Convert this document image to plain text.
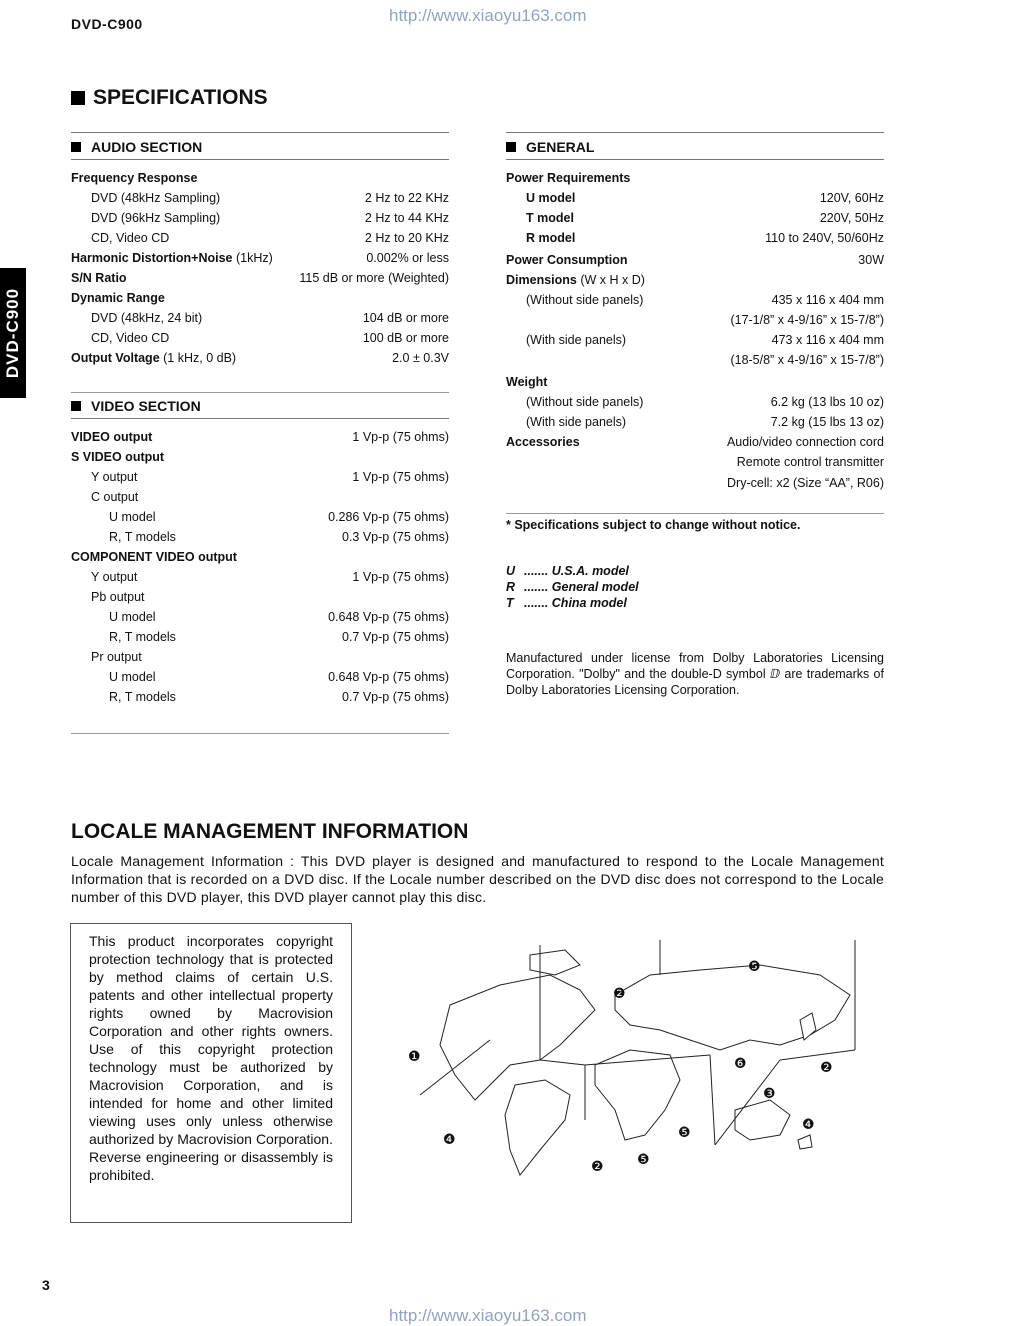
http://www.xiaoyu163.com
DVD-C900
DVD-C900
SPECIFICATIONS
AUDIO SECTION
Frequency Response
DVD (48kHz Sampling)	2 Hz to 22 KHz
DVD (96kHz Sampling)	2 Hz to 44 KHz
CD, Video CD	2 Hz to 20 KHz
Harmonic Distortion+Noise (1kHz)	0.002% or less
S/N Ratio	115 dB or more (Weighted)
Dynamic Range
DVD (48kHz, 24 bit)	104 dB or more
CD, Video CD	100 dB or more
Output Voltage (1 kHz, 0 dB)	2.0 ± 0.3V
VIDEO SECTION
VIDEO output	1 Vp-p (75 ohms)
S VIDEO output
Y output	1 Vp-p (75 ohms)
C output
U model	0.286 Vp-p (75 ohms)
R, T models	0.3 Vp-p (75 ohms)
COMPONENT VIDEO output
Y output	1 Vp-p (75 ohms)
Pb output
U model	0.648 Vp-p (75 ohms)
R, T models	0.7 Vp-p (75 ohms)
Pr output
U model	0.648 Vp-p (75 ohms)
R, T models	0.7 Vp-p (75 ohms)
GENERAL
Power Requirements
U model	120V, 60Hz
T model	220V, 50Hz
R model	110 to 240V, 50/60Hz
Power Consumption	30W
Dimensions (W x H x D)
(Without side panels)	435 x 116 x 404 mm
(17-1/8” x 4-9/16” x 15-7/8”)
(With side panels)	473 x 116 x 404 mm
(18-5/8” x 4-9/16” x 15-7/8”)
Weight
(Without side panels)	6.2 kg (13 lbs 10 oz)
(With side panels)	7.2 kg (15 lbs 13 oz)
Accessories	Audio/video connection cord
Remote control transmitter
Dry-cell: x2 (Size “AA”, R06)
* Specifications subject to change without notice.
U ....... U.S.A. model
R ....... General model
T ....... China model
Manufactured under license from Dolby Laboratories Licensing Corporation. "Dolby" and the double-D symbol ⅅ are trademarks of Dolby Laboratories Licensing Corporation.
LOCALE MANAGEMENT INFORMATION
Locale Management Information : This DVD player is designed and manufactured to respond to the Locale Management Information that is recorded on a DVD disc. If the Locale number described on the DVD disc does not correspond to the Locale number of this DVD player, this DVD player cannot play this disc.
This product incorporates copyright protection technology that is protected by method claims of certain U.S. patents and other intellectual property rights owned by Macrovision Corporation and other rights owners. Use of this copyright protection technology must be authorized by Macrovision Corporation, and is intended for home and other limited viewing uses only unless otherwise authorized by Macrovision Corporation. Reverse engineering or disassembly is prohibited.
❶
❷
❷
❷
❸
❹
❹
❺
❺
❺
❻
3
http://www.xiaoyu163.com
